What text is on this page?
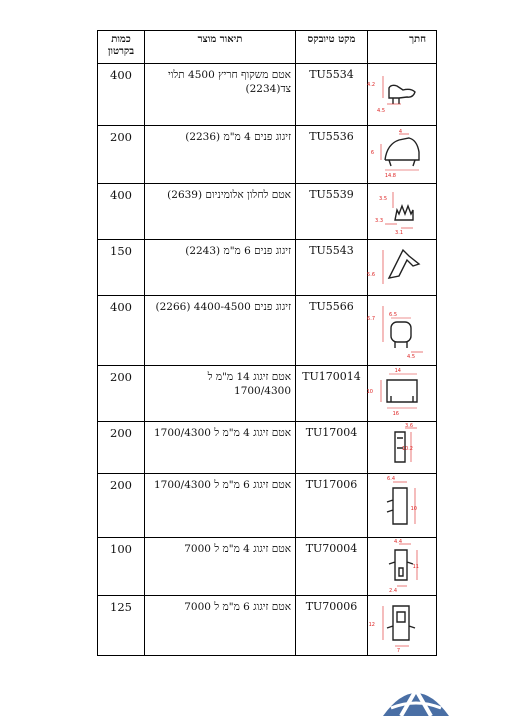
חתך	מקט טיובקס	תיאור מוצר	כמות בקרטון

4.2
4.5	TU5534	אטם משקוף חריץ 4500 תלוי צד(2234)	400

4
6
14.8	TU5536	זיגוג פנים 4 מ"מ (2236)	200

3.5
3.3
3.1	TU5539	אטם לחלון אלומיניום (2639)	400

5.6	TU5543	זיגוג פנים 6 מ"מ (2243)	150

6.7
6.5
4.5	TU5566	זיגוג פנים 4400-4500 (2266)	400

14
10
16	TU170014	אטם זיגוג 14 מ"מ ל 1700/4300	200

3.6
10.2	TU17004	אטם זיגוג 4 מ"מ ל 1700/4300	200

6.4
10	TU17006	אטם זיגוג 6 מ"מ ל 1700/4300	200

4.4
11
2.4	TU70004	אטם זיגוג 4 מ"מ ל 7000	100

12
7	TU70006	אטם זיגוג 6 מ"מ ל 7000	125
